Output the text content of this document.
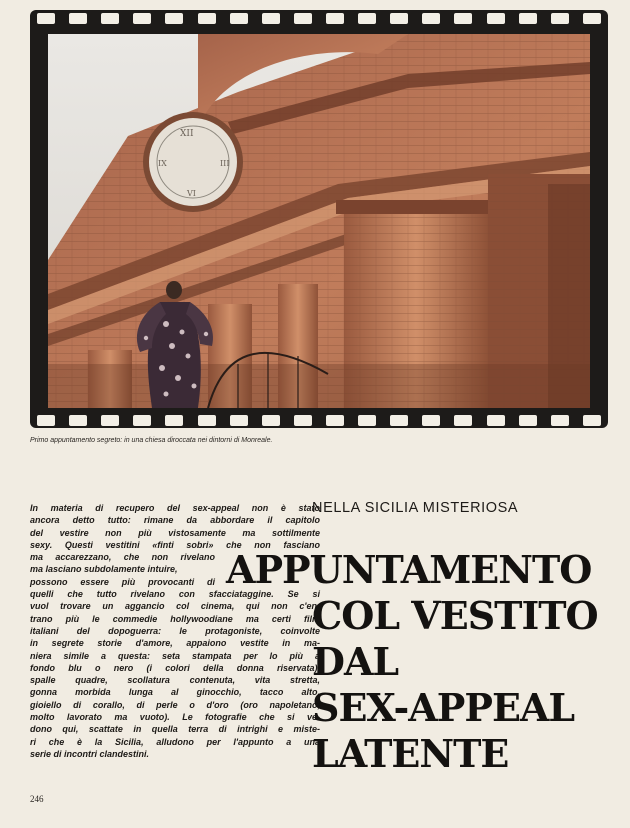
XII
III
VI
IX

Primo appuntamento segreto: in una chiesa diroccata nei dintorni di Monreale.

NELLA SICILIA MISTERIOSA

In materia di recupero del sex-appeal non è stato
ancora detto tutto: rimane da abbordare il capitolo
del vestire non più vistosamente ma sottilmente
sexy. Questi vestitini «finti sobri» che non fasciano
ma accarezzano, che non rivelano
ma lasciano subdolamente intuire,
possono essere più provocanti di
quelli che tutto rivelano con sfacciataggine. Se si
vuol trovare un aggancio col cinema, qui non c'en-
trano più le commedie hollywoodiane ma certi film
italiani del dopoguerra: le protagoniste, coinvolte
in segrete storie d'amore, appaiono vestite in ma-
niera simile a questa: seta stampata per lo più a
fondo blu o nero (i colori della donna riservata),
spalle quadre, scollatura contenuta, vita stretta,
gonna morbida lunga al ginocchio, tacco alto,
gioiello di corallo, di perle o d'oro (oro napoletano,
molto lavorato ma vuoto). Le fotografie che si ve-
dono qui, scattate in quella terra di intrighi e miste-
ri che è la Sicilia, alludono per l'appunto a una
serie di incontri clandestini.
APPUNTAMENTO
COL VESTITO
DAL
SEX-APPEAL
LATENTE
246
